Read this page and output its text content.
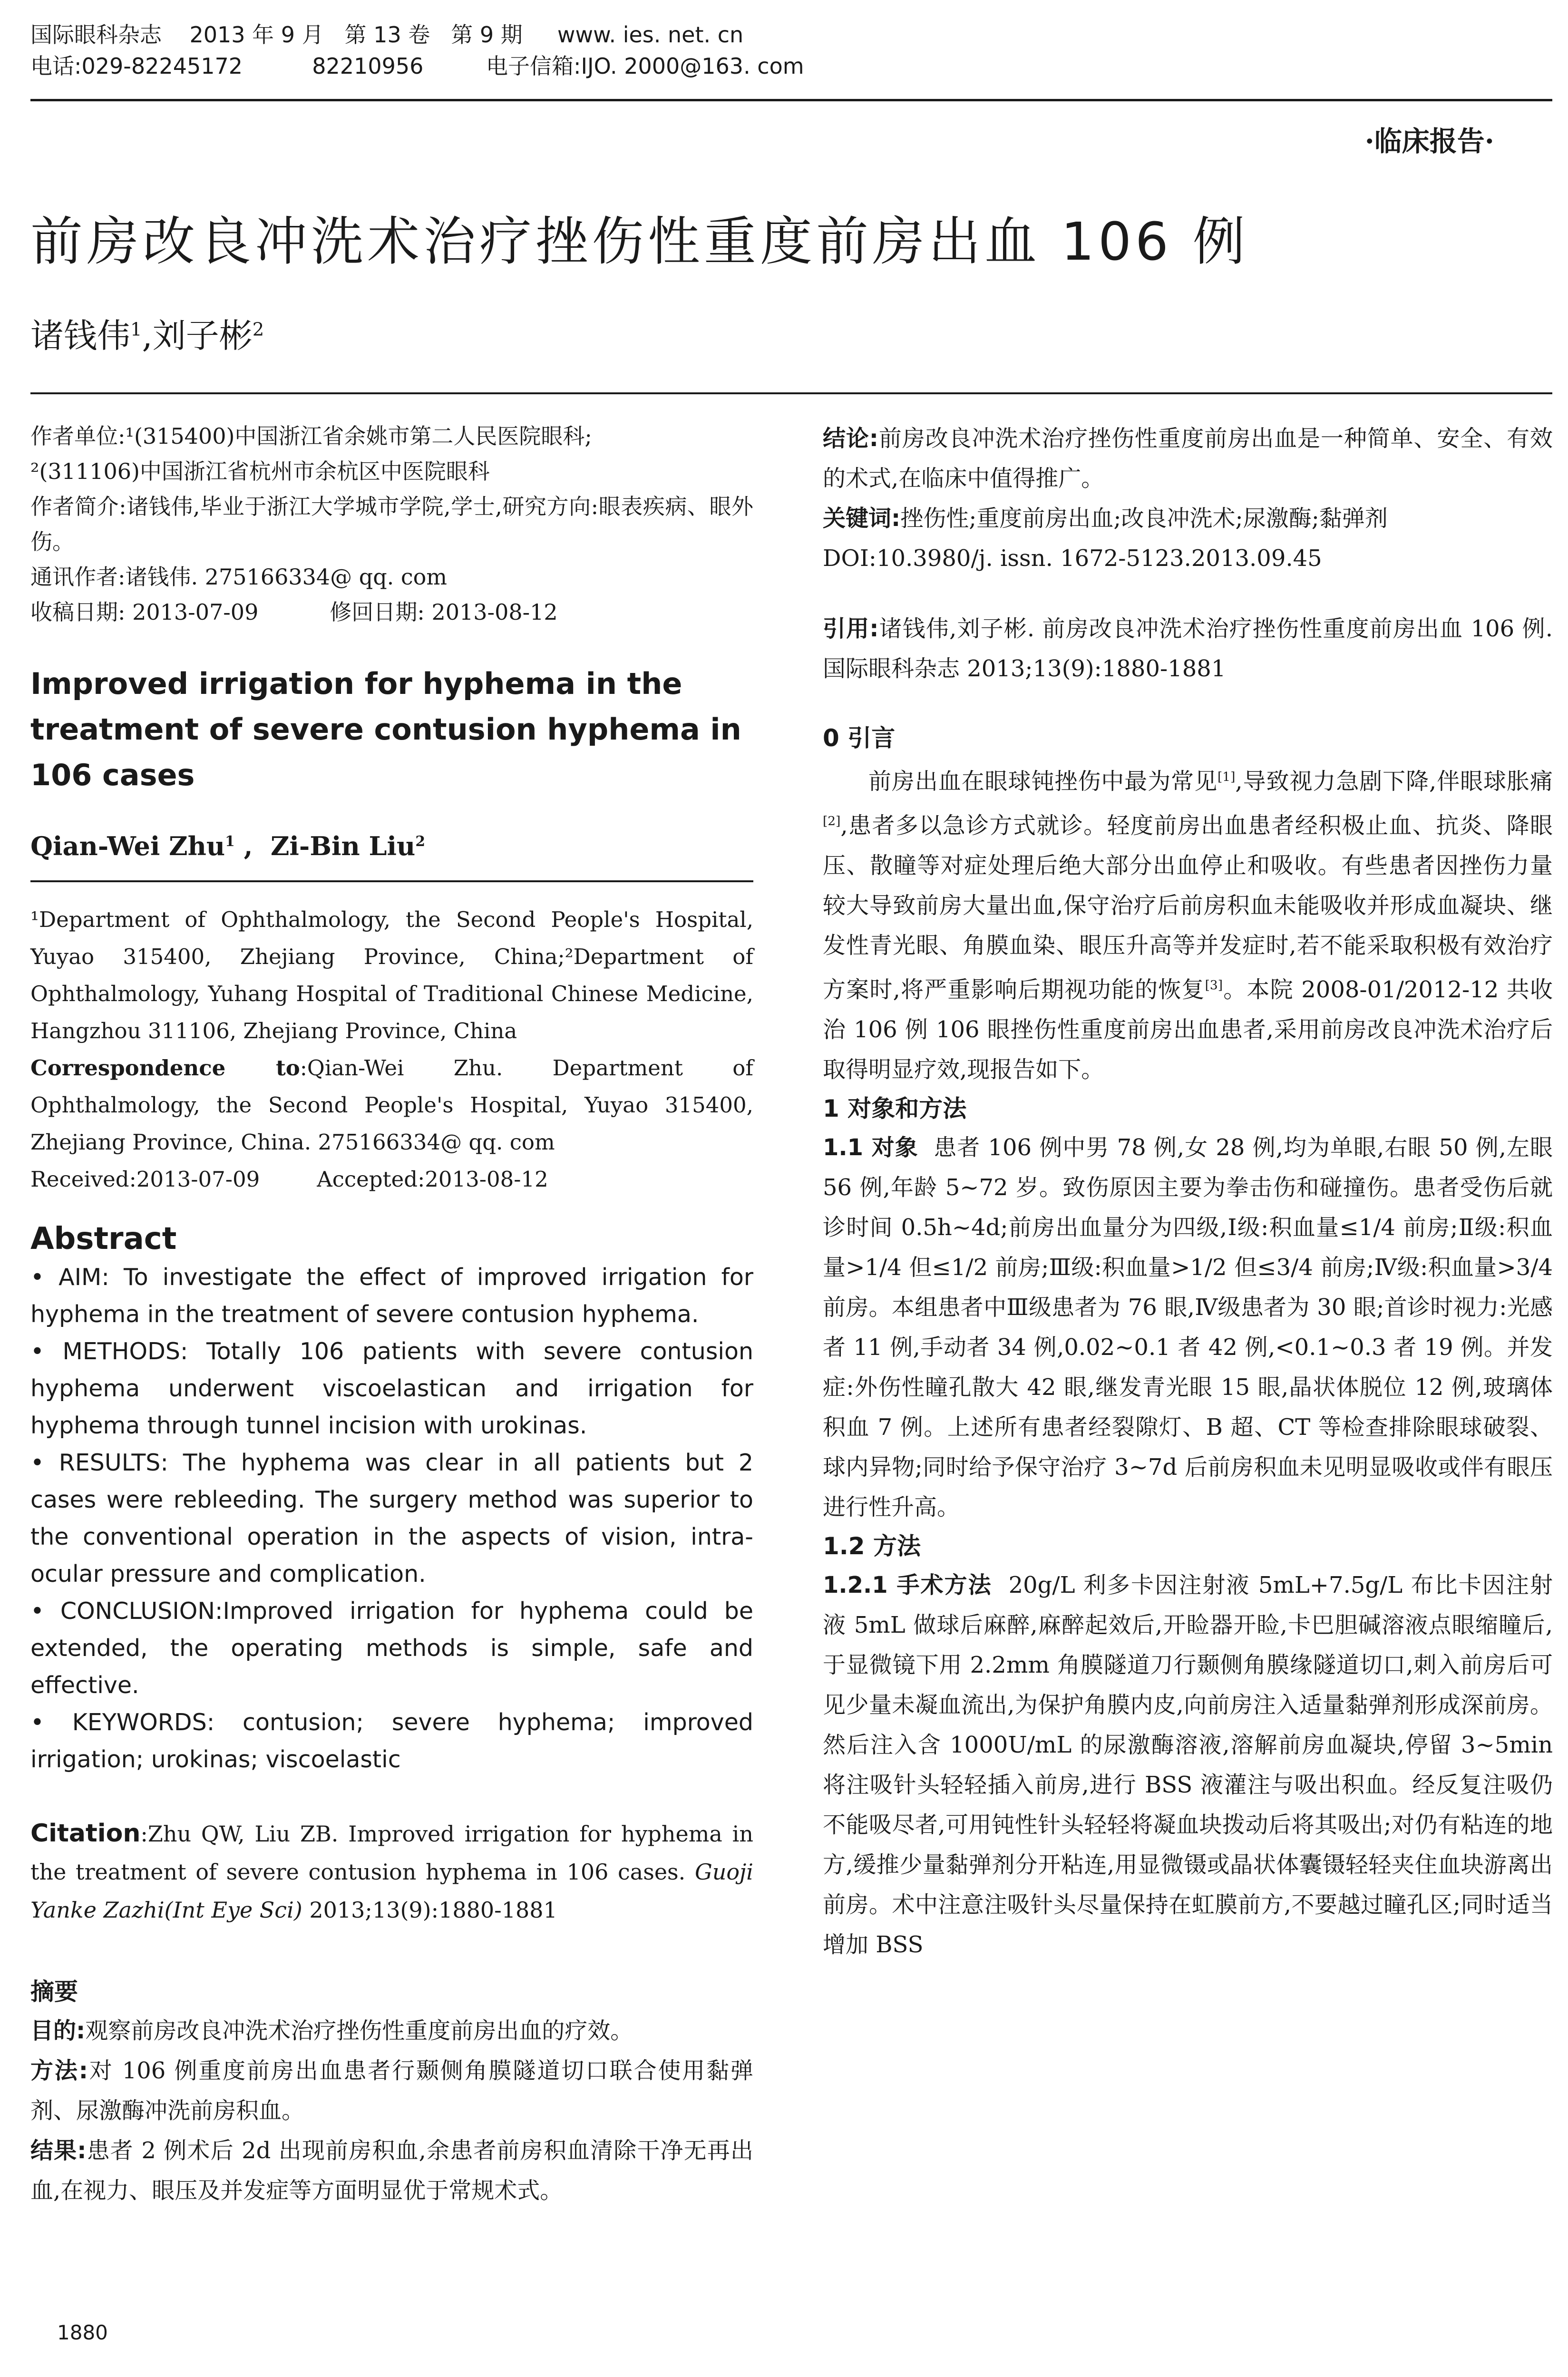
国际眼科杂志    2013 年 9 月   第 13 卷   第 9 期     www. ies. net. cn
电话:029-82245172          82210956         电子信箱:IJO. 2000@163. com
·临床报告·
前房改良冲洗术治疗挫伤性重度前房出血 106 例
诸钱伟$^1$,刘子彬$^2$

作者单位:¹(315400)中国浙江省余姚市第二人民医院眼科;

²(311106)中国浙江省杭州市余杭区中医院眼科

作者简介:诸钱伟,毕业于浙江大学城市学院,学士,研究方向:眼表疾病、眼外伤。

通讯作者:诸钱伟. 275166334@ qq. com

收稿日期: 2013-07-09	修回日期: 2013-08-12

Improved irrigation for hyphema in the treatment of severe contusion hyphema in 106 cases

Qian-Wei Zhu$^1$ ,  Zi-Bin Liu$^2$

¹Department of Ophthalmology, the Second People's Hospital, Yuyao 315400, Zhejiang Province, China;²Department of Ophthalmology, Yuhang Hospital of Traditional Chinese Medicine, Hangzhou 311106, Zhejiang Province, China

Correspondence to:Qian-Wei Zhu. Department of Ophthalmology, the Second People's Hospital, Yuyao 315400, Zhejiang Province, China. 275166334@ qq. com

Received:2013-07-09	Accepted:2013-08-12

Abstract

• AIM: To investigate the effect of improved irrigation for hyphema in the treatment of severe contusion hyphema.

• METHODS: Totally 106 patients with severe contusion hyphema underwent viscoelastican and irrigation for hyphema through tunnel incision with urokinas.

• RESULTS: The hyphema was clear in all patients but 2 cases were rebleeding. The surgery method was superior to the conventional operation in the aspects of vision, intra-ocular pressure and complication.

• CONCLUSION:Improved irrigation for hyphema could be extended, the operating methods is simple, safe and effective.

• KEYWORDS: contusion; severe hyphema; improved irrigation; urokinas; viscoelastic

Citation:Zhu QW, Liu ZB. Improved irrigation for hyphema in the treatment of severe contusion hyphema in 106 cases. Guoji Yanke Zazhi(Int Eye Sci) 2013;13(9):1880-1881

摘要

目的:观察前房改良冲洗术治疗挫伤性重度前房出血的疗效。

方法:对 106 例重度前房出血患者行颞侧角膜隧道切口联合使用黏弹剂、尿激酶冲洗前房积血。

结果:患者 2 例术后 2d 出现前房积血,余患者前房积血清除干净无再出血,在视力、眼压及并发症等方面明显优于常规术式。

结论:前房改良冲洗术治疗挫伤性重度前房出血是一种简单、安全、有效的术式,在临床中值得推广。

关键词:挫伤性;重度前房出血;改良冲洗术;尿激酶;黏弹剂

DOI:10.3980/j. issn. 1672-5123.2013.09.45

引用:诸钱伟,刘子彬. 前房改良冲洗术治疗挫伤性重度前房出血 106 例. 国际眼科杂志 2013;13(9):1880-1881

0 引言

前房出血在眼球钝挫伤中最为常见[1],导致视力急剧下降,伴眼球胀痛[2],患者多以急诊方式就诊。轻度前房出血患者经积极止血、抗炎、降眼压、散瞳等对症处理后绝大部分出血停止和吸收。有些患者因挫伤力量较大导致前房大量出血,保守治疗后前房积血未能吸收并形成血凝块、继发性青光眼、角膜血染、眼压升高等并发症时,若不能采取积极有效治疗方案时,将严重影响后期视功能的恢复[3]。本院 2008-01/2012-12 共收治 106 例 106 眼挫伤性重度前房出血患者,采用前房改良冲洗术治疗后取得明显疗效,现报告如下。

1 对象和方法

1.1 对象  患者 106 例中男 78 例,女 28 例,均为单眼,右眼 50 例,左眼 56 例,年龄 5~72 岁。致伤原因主要为拳击伤和碰撞伤。患者受伤后就诊时间 0.5h~4d;前房出血量分为四级,Ⅰ级:积血量≤1/4 前房;Ⅱ级:积血量>1/4 但≤1/2 前房;Ⅲ级:积血量>1/2 但≤3/4 前房;Ⅳ级:积血量>3/4 前房。本组患者中Ⅲ级患者为 76 眼,Ⅳ级患者为 30 眼;首诊时视力:光感者 11 例,手动者 34 例,0.02~0.1 者 42 例,<0.1~0.3 者 19 例。并发症:外伤性瞳孔散大 42 眼,继发青光眼 15 眼,晶状体脱位 12 例,玻璃体积血 7 例。上述所有患者经裂隙灯、B 超、CT 等检查排除眼球破裂、球内异物;同时给予保守治疗 3~7d 后前房积血未见明显吸收或伴有眼压进行性升高。

1.2 方法

1.2.1 手术方法  20g/L 利多卡因注射液 5mL+7.5g/L 布比卡因注射液 5mL 做球后麻醉,麻醉起效后,开睑器开睑,卡巴胆碱溶液点眼缩瞳后,于显微镜下用 2.2mm 角膜隧道刀行颞侧角膜缘隧道切口,刺入前房后可见少量未凝血流出,为保护角膜内皮,向前房注入适量黏弹剂形成深前房。然后注入含 1000U/mL 的尿激酶溶液,溶解前房血凝块,停留 3~5min 将注吸针头轻轻插入前房,进行 BSS 液灌注与吸出积血。经反复注吸仍不能吸尽者,可用钝性针头轻轻将凝血块拨动后将其吸出;对仍有粘连的地方,缓推少量黏弹剂分开粘连,用显微镊或晶状体囊镊轻轻夹住血块游离出前房。术中注意注吸针头尽量保持在虹膜前方,不要越过瞳孔区;同时适当增加 BSS

1880
